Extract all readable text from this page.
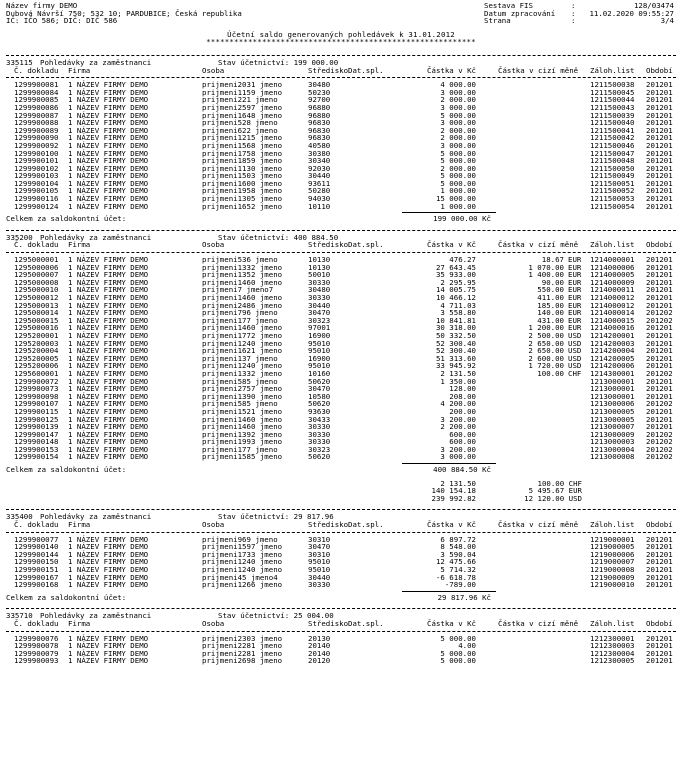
Název firmy DEMO

	Sestava FIS

	:

	128/03474

Dubová Návrší 750; 532 10; PARDUBICE; Česká republika

	Datum zpracování

:

11.02.2020 09:55:27

IČ: IČO 586; DIČ: DIČ 586

	Strana

	:

	3/4

Účetní saldo generovaných pohledávek k 31.01.2012
**********************************************************
335115 Pohledávky za zaměstnanci	Stav účetnictví: 199 000.00
Č. dokladu Firma	Osoba	Středisko Dat.spl.	Částka v Kč	Částka v cizí měně Záloh.list Období
1299900081 1 NÁZEV FIRMY DEMO	prijmeni2031 jmeno	30480	4 000.00	1211500038 201201
1299900084 1 NÁZEV FIRMY DEMO	prijmeni1159 jmeno	50230	3 000.00	1211500045 201201
1299900085 1 NÁZEV FIRMY DEMO	prijmeni221 jmeno	92700	2 000.00	1211500044 201201
1299900086 1 NÁZEV FIRMY DEMO	prijmeni2597 jmeno	96880	3 000.00	1211500043 201201
1299900087 1 NÁZEV FIRMY DEMO	prijmeni1648 jmeno	96880	5 000.00	1211500039 201201
1299900088 1 NÁZEV FIRMY DEMO	prijmeni528 jmeno	96830	3 000.00	1211500040 201201
1299900089 1 NÁZEV FIRMY DEMO	prijmeni622 jmeno	96830	2 000.00	1211500041 201201
1299900090 1 NÁZEV FIRMY DEMO	prijmeni1215 jmeno	96830	2 000.00	1211500042 201201
1299900092 1 NÁZEV FIRMY DEMO	prijmeni1568 jmeno	40580	3 000.00	1211500046 201201
1299900100 1 NÁZEV FIRMY DEMO	prijmeni1758 jmeno	30380	5 000.00	1211500047 201201
1299900101 1 NÁZEV FIRMY DEMO	prijmeni1859 jmeno	30340	5 000.00	1211500048 201201
1299900102 1 NÁZEV FIRMY DEMO	prijmeni1130 jmeno	92030	2 000.00	1211500050 201201
1299900103 1 NÁZEV FIRMY DEMO	prijmeni1503 jmeno	30440	5 000.00	1211500049 201201
1299900104 1 NÁZEV FIRMY DEMO	prijmeni1600 jmeno	93611	5 000.00	1211500051 201201
1299900105 1 NÁZEV FIRMY DEMO	prijmeni1958 jmeno	50280	1 000.00	1211500052 201201
1299900116 1 NÁZEV FIRMY DEMO	prijmeni1305 jmeno	94030	15 000.00	1211500053 201201
1299900124 1 NÁZEV FIRMY DEMO	prijmeni1652 jmeno	10110	1 000.00	1211500054 201201
Celkem za saldokontní účet:	199 000.00 Kč
335200 Pohledávky za zaměstnanci	Stav účetnictví: 400 884.50
Č. dokladu Firma	Osoba	Středisko Dat.spl.	Částka v Kč	Částka v cizí měně Záloh.list Období
1295000001 1 NÁZEV FIRMY DEMO	prijmeni536 jmeno	10130	476.27	18.67 EUR 1214000001 201201
1295000006 1 NÁZEV FIRMY DEMO	prijmeni1332 jmeno	10130	27 643.45	1 070.00 EUR 1214000006 201201
1295000007 1 NÁZEV FIRMY DEMO	prijmeni1352 jmeno	50010	35 933.00	1 400.00 EUR 1214000005 201201
1295000008 1 NÁZEV FIRMY DEMO	prijmeni1460 jmeno	30330	2 295.95	90.00 EUR 1214000009 201201
1295000010 1 NÁZEV FIRMY DEMO	prijmeni7 jmeno7	30480	14 005.75	550.00 EUR 1214000011 201201
1295000012 1 NÁZEV FIRMY DEMO	prijmeni1460 jmeno	30330	10 466.12	411.00 EUR 1214000012 201201
1295000013 1 NÁZEV FIRMY DEMO	prijmeni2486 jmeno	30440	4 711.03	185.00 EUR 1214000012 201201
1295000014 1 NÁZEV FIRMY DEMO	prijmeni796 jmeno	30470	3 558.80	140.00 EUR 1214000014 201202
1295000015 1 NÁZEV FIRMY DEMO	prijmeni177 jmeno	30323	10 841.81	431.00 EUR 1214000015 201202
1295000016 1 NÁZEV FIRMY DEMO	prijmeni1460 jmeno	97001	30 318.00	1 200.00 EUR 1214000016 201201
1295200001 1 NÁZEV FIRMY DEMO	prijmeni1772 jmeno	16900	50 332.50	2 500.00 USD 1214200001 201201
1295200003 1 NÁZEV FIRMY DEMO	prijmeni1240 jmeno	95010	52 300.40	2 650.00 USD 1214200003 201201
1295200004 1 NÁZEV FIRMY DEMO	prijmeni1621 jmeno	95010	52 300.40	2 650.00 USD 1214200004 201201
1295200005 1 NÁZEV FIRMY DEMO	prijmeni137 jmeno	16900	51 313.60	2 600.00 USD 1214200005 201201
1295200006 1 NÁZEV FIRMY DEMO	prijmeni1240 jmeno	95010	33 945.92	1 720.00 USD 1214200006 201201
1295600001 1 NÁZEV FIRMY DEMO	prijmeni1332 jmeno	10160	2 131.50	100.00 CHF 1214300001 201202
1299900072 1 NÁZEV FIRMY DEMO	prijmeni585 jmeno	50620	1 350.00	1213000001 201201
1299900073 1 NÁZEV FIRMY DEMO	prijmeni2757 jmeno	30470	128.00	1213000001 201201
1299900098 1 NÁZEV FIRMY DEMO	prijmeni1390 jmeno	10580	208.00	1213000001 201201
1299900107 1 NÁZEV FIRMY DEMO	prijmeni585 jmeno	50620	4 200.00	1213000006 201202
1299900115 1 NÁZEV FIRMY DEMO	prijmeni1521 jmeno	93630	200.00	1213000005 201201
1299900125 1 NÁZEV FIRMY DEMO	prijmeni1460 jmeno	30433	3 200.00	1213000005 201201
1299900139 1 NÁZEV FIRMY DEMO	prijmeni1460 jmeno	30330	2 200.00	1213000007 201201
1299900147 1 NÁZEV FIRMY DEMO	prijmeni1392 jmeno	30330	600.00	1213000009 201202
1299900148 1 NÁZEV FIRMY DEMO	prijmeni1993 jmeno	30330	600.00	1213000003 201202
1299900153 1 NÁZEV FIRMY DEMO	prijmeni177 jmeno	30323	3 200.00	1213000004 201202
1299900154 1 NÁZEV FIRMY DEMO	prijmeni1585 jmeno	50620	3 000.00	1213000008 201202
Celkem za saldokontní účet:	400 884.50 Kč
2 131.50	100.00 CHF
140 154.18	5 495.67 EUR
239 992.82	12 120.00 USD
335400 Pohledávky za zaměstnanci	Stav účetnictví: 29 817.96
Č. dokladu Firma	Osoba	Středisko Dat.spl.	Částka v Kč	Částka v cizí měně Záloh.list Období
1299900077 1 NÁZEV FIRMY DEMO	prijmeni969 jmeno	30310	6 897.72	1219000001 201201
1299900140 1 NÁZEV FIRMY DEMO	prijmeni1597 jmeno	30470	8 548.00	1219000005 201201
1299900144 1 NÁZEV FIRMY DEMO	prijmeni1733 jmeno	30310	3 590.04	1219000006 201201
1299900150 1 NÁZEV FIRMY DEMO	prijmeni1240 jmeno	95010	12 475.66	1219000007 201201
1299900151 1 NÁZEV FIRMY DEMO	prijmeni1240 jmeno	95010	5 714.32	1219000008 201201
1299900167 1 NÁZEV FIRMY DEMO	prijmeni45 jmeno4	30440	-6 618.78	1219000009 201201
1299900168 1 NÁZEV FIRMY DEMO	prijmeni1266 jmeno	30330	-789.00	1219000010 201201
Celkem za saldokontní účet:	29 817.96 Kč
335710 Pohledávky za zaměstnanci	Stav účetnictví: 25 004.00
Č. dokladu Firma	Osoba	Středisko Dat.spl.	Částka v Kč	Částka v cizí měně Záloh.list Období
1299900076 1 NÁZEV FIRMY DEMO	prijmeni2303 jmeno	20130	5 000.00	1212300001 201201
1299900078 1 NÁZEV FIRMY DEMO	prijmeni2281 jmeno	20140	4.00	1212300003 201201
1299900079 1 NÁZEV FIRMY DEMO	prijmeni2281 jmeno	20140	5 000.00	1212300004 201201
1299900093 1 NÁZEV FIRMY DEMO	prijmeni2698 jmeno	20120	5 000.00	1212300005 201201
